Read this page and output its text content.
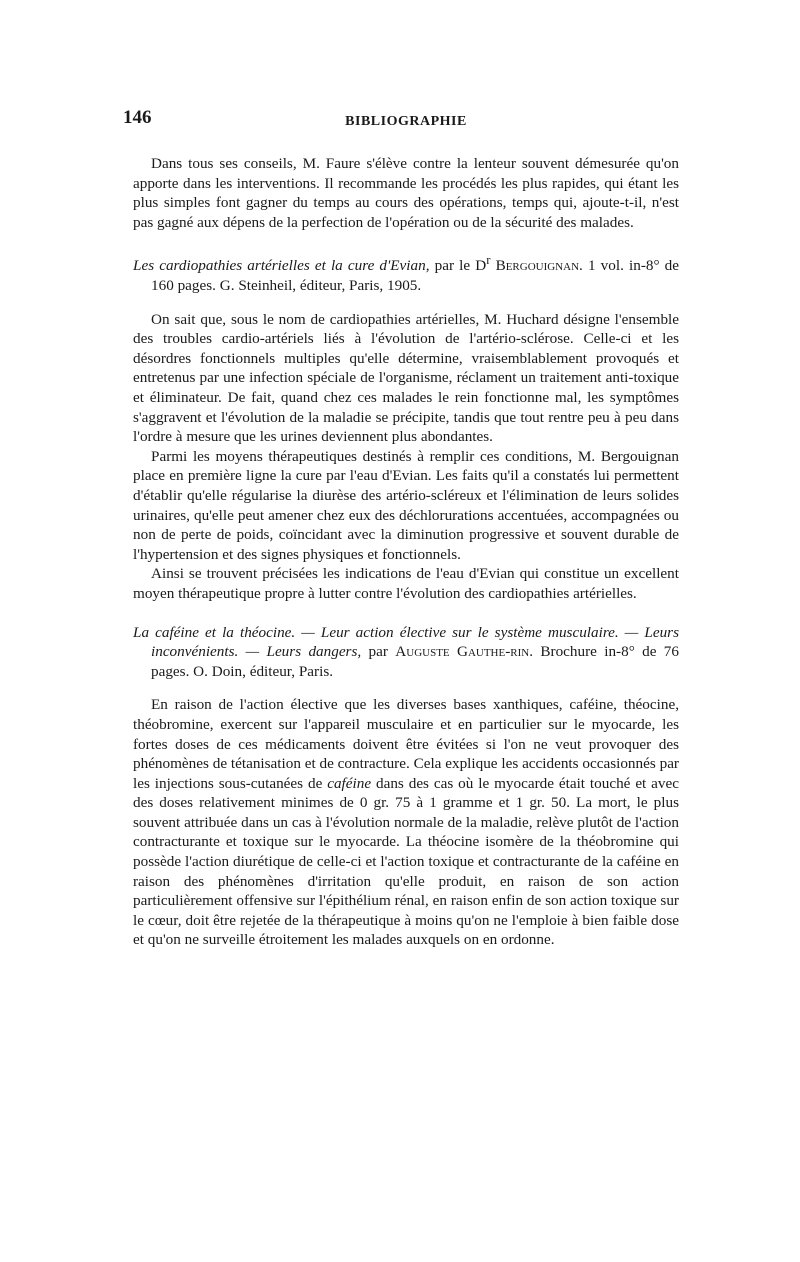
146	BIBLIOGRAPHIE

Dans tous ses conseils, M. Faure s'élève contre la lenteur souvent démesurée qu'on apporte dans les interventions. Il recommande les procédés les plus rapides, qui étant les plus simples font gagner du temps au cours des opérations, temps qui, ajoute-t-il, n'est pas gagné aux dépens de la perfection de l'opération ou de la sécurité des malades.

Les cardiopathies artérielles et la cure d'Evian, par le $D^r$ Bergouignan. 1 vol. in-8° de 160 pages. G. Steinheil, éditeur, Paris, 1905.

On sait que, sous le nom de cardiopathies artérielles, M. Huchard désigne l'ensemble des troubles cardio-artériels liés à l'évolution de l'artério-sclérose. Celle-ci et les désordres fonctionnels multiples qu'elle détermine, vraisemblablement provoqués et entretenus par une infection spéciale de l'organisme, réclament un traitement anti-toxique et éliminateur. De fait, quand chez ces malades le rein fonctionne mal, les symptômes s'aggravent et l'évolution de la maladie se précipite, tandis que tout rentre peu à peu dans l'ordre à mesure que les urines deviennent plus abondantes.

Parmi les moyens thérapeutiques destinés à remplir ces conditions, M. Bergouignan place en première ligne la cure par l'eau d'Evian. Les faits qu'il a constatés lui permettent d'établir qu'elle régularise la diurèse des artério-scléreux et l'élimination de leurs solides urinaires, qu'elle peut amener chez eux des déchlorurations accentuées, accompagnées ou non de perte de poids, coïncidant avec la diminution progressive et souvent durable de l'hypertension et des signes physiques et fonctionnels.

Ainsi se trouvent précisées les indications de l'eau d'Evian qui constitue un excellent moyen thérapeutique propre à lutter contre l'évolution des cardiopathies artérielles.

La caféine et la théocine. — Leur action élective sur le système musculaire. — Leurs inconvénients. — Leurs dangers, par Auguste Gauthe-rin. Brochure in-8° de 76 pages. O. Doin, éditeur, Paris.

En raison de l'action élective que les diverses bases xanthiques, caféine, théocine, théobromine, exercent sur l'appareil musculaire et en particulier sur le myocarde, les fortes doses de ces médicaments doivent être évitées si l'on ne veut provoquer des phénomènes de tétanisation et de contracture. Cela explique les accidents occasionnés par les injections sous-cutanées de caféine dans des cas où le myocarde était touché et avec des doses relativement minimes de 0 gr. 75 à 1 gramme et 1 gr. 50. La mort, le plus souvent attribuée dans un cas à l'évolution normale de la maladie, relève plutôt de l'action contracturante et toxique sur le myocarde. La théocine isomère de la théobromine qui possède l'action diurétique de celle-ci et l'action toxique et contracturante de la caféine en raison des phénomènes d'irritation qu'elle produit, en raison de son action particulièrement offensive sur l'épithélium rénal, en raison enfin de son action toxique sur le cœur, doit être rejetée de la thérapeutique à moins qu'on ne l'emploie à bien faible dose et qu'on ne surveille étroitement les malades auxquels on en ordonne.
